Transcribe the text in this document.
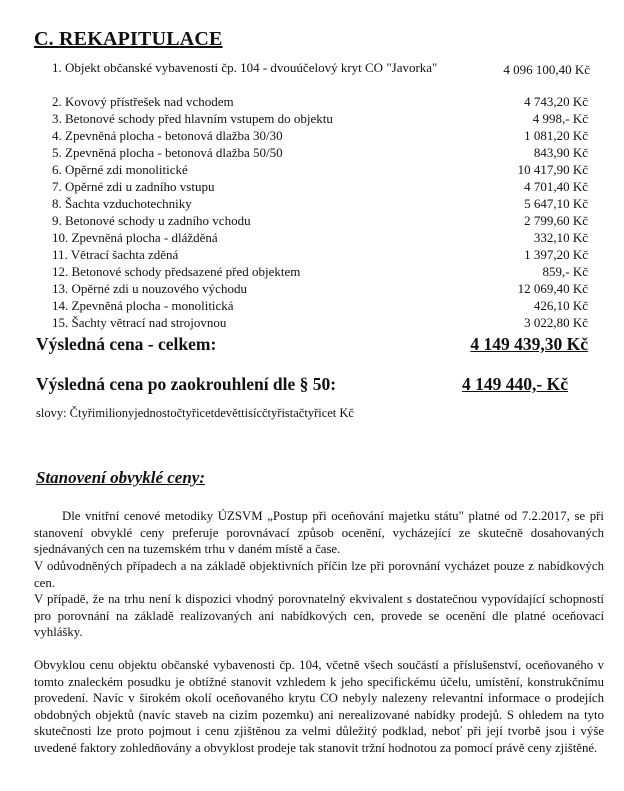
C. REKAPITULACE
1. Objekt občanské vybavenosti čp. 104 - dvouúčelový kryt CO "Javorka"	4 096 100,40 Kč
2. Kovový přístřešek nad vchodem	4 743,20 Kč
3. Betonové schody před hlavním vstupem do objektu	4 998,- Kč
4. Zpevněná plocha - betonová dlažba 30/30	1 081,20 Kč
5. Zpevněná plocha - betonová dlažba 50/50	843,90 Kč
6. Opěrné zdi monolitické	10 417,90 Kč
7. Opěrné zdi u zadního vstupu	4 701,40 Kč
8. Šachta vzduchotechniky	5 647,10 Kč
9. Betonové schody u zadního vchodu	2 799,60 Kč
10. Zpevněná plocha - dlážděná	332,10 Kč
11. Větrací šachta zděná	1 397,20 Kč
12. Betonové schody předsazené před objektem	859,- Kč
13. Opěrné zdi u nouzového východu	12 069,40 Kč
14. Zpevněná plocha - monolitická	426,10 Kč
15. Šachty větrací nad strojovnou	3 022,80 Kč
Výsledná cena - celkem:	4 149 439,30 Kč
Výsledná cena po zaokrouhlení dle § 50:	4 149 440,- Kč
slovy: Čtyřimilionyjednostočtyřicetdevěttisícčtyřistačtyřicet Kč
Stanovení obvyklé ceny:
Dle vnitřní cenové metodiky ÚZSVM „Postup při oceňování majetku státu" platné od 7.2.2017, se při stanovení obvyklé ceny preferuje porovnávací způsob ocenění, vycházející ze skutečně dosahovaných sjednávaných cen na tuzemském trhu v daném místě a čase.
V odůvodněných případech a na základě objektivních příčin lze při porovnání vycházet pouze z nabídkových cen.
V případě, že na trhu není k dispozici vhodný porovnatelný ekvivalent s dostatečnou vypovídající schopností pro porovnání na základě realizovaných ani nabídkových cen, provede se ocenění dle platné oceňovací vyhlášky.
Obvyklou cenu objektu občanské vybavenosti čp. 104, včetně všech součástí a příslušenství, oceňovaného v tomto znaleckém posudku je obtížné stanovit vzhledem k jeho specifickému účelu, umístění, konstrukčnímu provedení. Navíc v širokém okolí oceňovaného krytu CO nebyly nalezeny relevantní informace o prodejích obdobných objektů (navíc staveb na cizím pozemku) ani nerealizované nabídky prodejů. S ohledem na tyto skutečnosti lze proto pojmout i cenu zjištěnou za velmi důležitý podklad, neboť při její tvorbě jsou i výše uvedené faktory zohledňovány a obvyklost prodeje tak stanovit tržní hodnotou za pomocí právě ceny zjištěné.
